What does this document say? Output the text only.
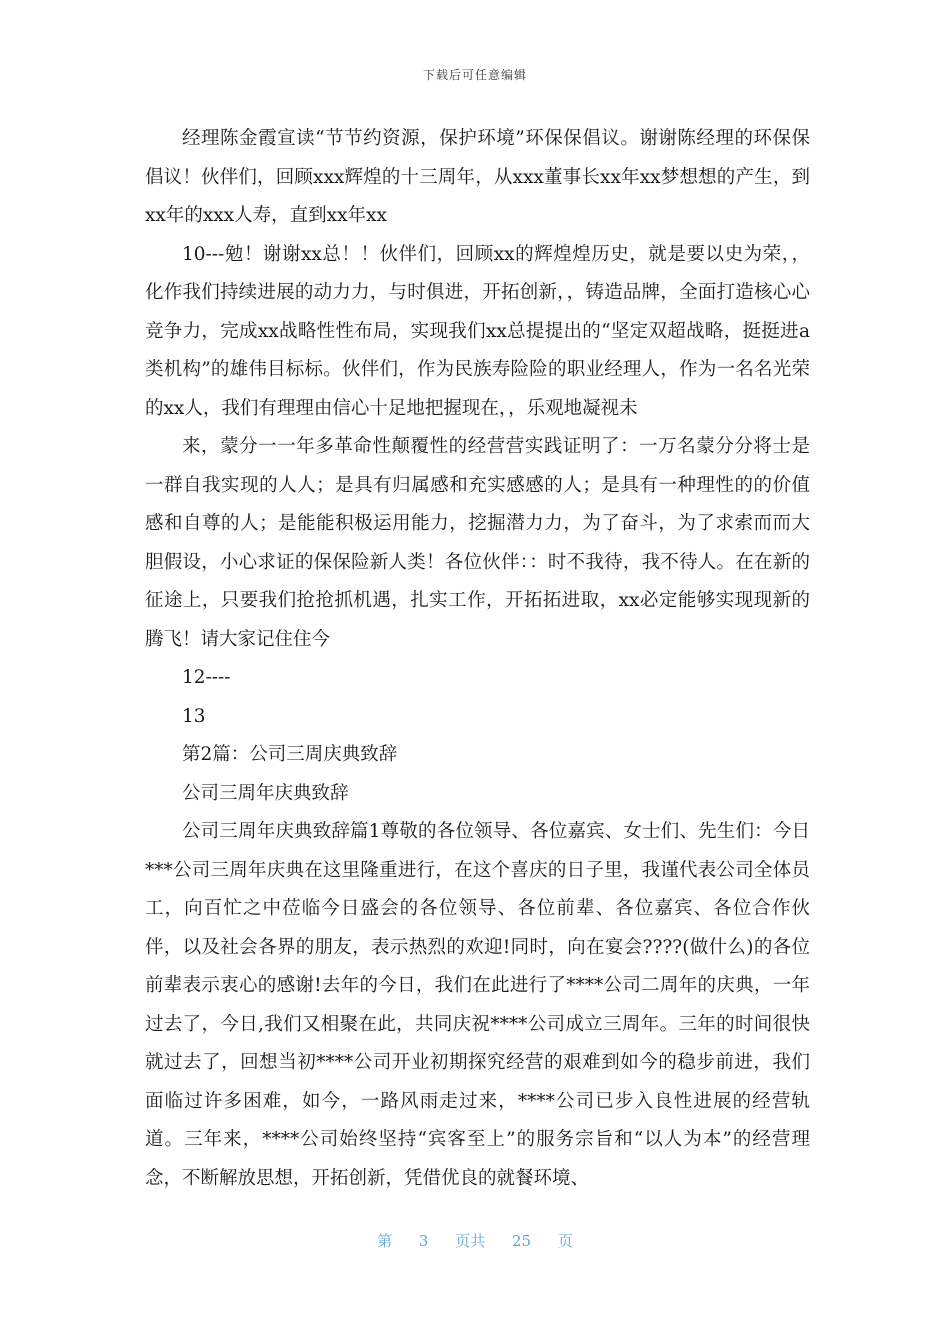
下载后可任意编辑

经理陈金霞宣读“节节约资源，保护环境”环保保倡议。谢谢陈经理的环保保倡议！伙伴们，回顾xxx辉煌的十三周年，从xxx董事长xx年xx梦想想的产生，到xx年的xxx人寿，直到xx年xx

10---勉！谢谢xx总！！伙伴们，回顾xx的辉煌煌历史，就是要以史为荣，，化作我们持续进展的动力力，与时俱进，开拓创新，，铸造品牌，全面打造核心心竞争力，完成xx战略性性布局，实现我们xx总提提出的“坚定双超战略，挺挺进a类机构”的雄伟目标标。伙伴们，作为民族寿险险的职业经理人，作为一名名光荣的xx人，我们有理理由信心十足地把握现在，，乐观地凝视未

来，蒙分一一年多革命性颠覆性的经营营实践证明了：一万名蒙分分将士是一群自我实现的人人；是具有归属感和充实感感的人；是具有一种理性的的价值感和自尊的人；是能能积极运用能力，挖掘潜力力，为了奋斗，为了求索而而大胆假设，小心求证的保保险新人类！各位伙伴：：时不我待，我不待人。在在新的征途上，只要我们抢抢抓机遇，扎实工作，开拓拓进取，xx必定能够实现现新的腾飞！请大家记住住今

12----

13

第2篇：公司三周庆典致辞

公司三周年庆典致辞

公司三周年庆典致辞篇1尊敬的各位领导、各位嘉宾、女士们、先生们：今日***公司三周年庆典在这里隆重进行，在这个喜庆的日子里，我谨代表公司全体员工，向百忙之中莅临今日盛会的各位领导、各位前辈、各位嘉宾、各位合作伙伴，以及社会各界的朋友，表示热烈的欢迎!同时，向在宴会????(做什么)的各位前辈表示衷心的感谢!去年的今日，我们在此进行了****公司二周年的庆典，一年过去了，今日,我们又相聚在此，共同庆祝****公司成立三周年。三年的时间很快就过去了，回想当初****公司开业初期探究经营的艰难到如今的稳步前进，我们面临过许多困难，如今，一路风雨走过来，****公司已步入良性进展的经营轨道。三年来，****公司始终坚持“宾客至上”的服务宗旨和“以人为本”的经营理念，不断解放思想，开拓创新，凭借优良的就餐环境、

第 3 页共 25 页
